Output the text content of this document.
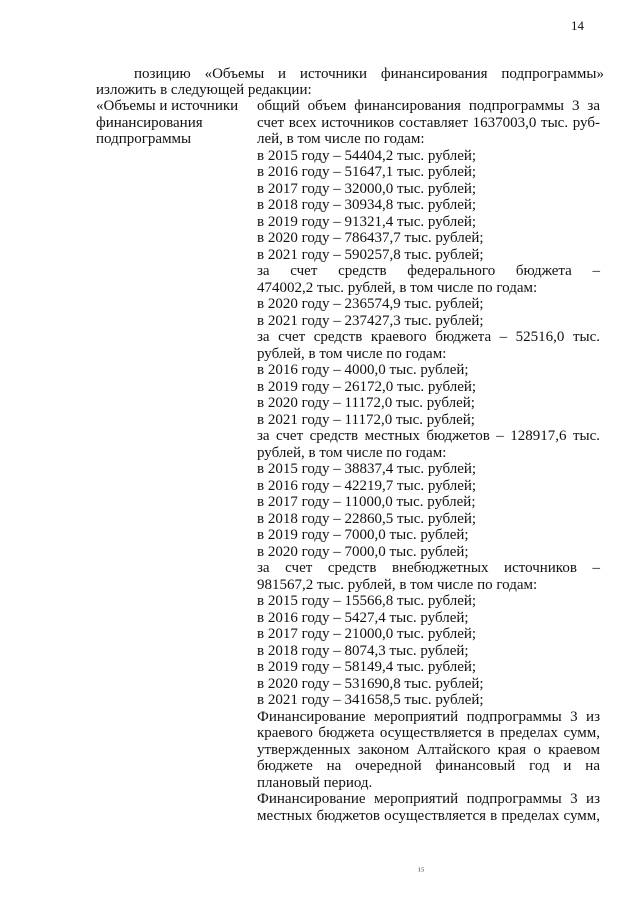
14
позицию «Объемы и источники финансирования подпрограммы»
изложить в следующей редакции:
«Объемы и источники
финансирования
подпрограммы
общий объем финансирования подпрограммы 3 за
счет всех источников составляет 1637003,0 тыс. руб-
лей, в том числе по годам:
в 2015 году – 54404,2 тыс. рублей;
в 2016 году – 51647,1 тыс. рублей;
в 2017 году – 32000,0 тыс. рублей;
в 2018 году – 30934,8 тыс. рублей;
в 2019 году – 91321,4 тыс. рублей;
в 2020 году – 786437,7 тыс. рублей;
в 2021 году – 590257,8 тыс. рублей;
за счет средств федерального бюджета –
474002,2 тыс. рублей, в том числе по годам:
в 2020 году – 236574,9 тыс. рублей;
в 2021 году – 237427,3 тыс. рублей;
за счет средств краевого бюджета – 52516,0 тыс.
рублей, в том числе по годам:
в 2016 году – 4000,0 тыс. рублей;
в 2019 году – 26172,0 тыс. рублей;
в 2020 году – 11172,0 тыс. рублей;
в 2021 году – 11172,0 тыс. рублей;
за счет средств местных бюджетов – 128917,6 тыс.
рублей, в том числе по годам:
в 2015 году – 38837,4 тыс. рублей;
в 2016 году – 42219,7 тыс. рублей;
в 2017 году – 11000,0 тыс. рублей;
в 2018 году – 22860,5 тыс. рублей;
в 2019 году – 7000,0 тыс. рублей;
в 2020 году – 7000,0 тыс. рублей;
за счет средств внебюджетных источников –
981567,2 тыс. рублей, в том числе по годам:
в 2015 году – 15566,8 тыс. рублей;
в 2016 году – 5427,4 тыс. рублей;
в 2017 году – 21000,0 тыс. рублей;
в 2018 году – 8074,3 тыс. рублей;
в 2019 году – 58149,4 тыс. рублей;
в 2020 году – 531690,8 тыс. рублей;
в 2021 году – 341658,5 тыс. рублей;
Финансирование мероприятий подпрограммы 3 из
краевого бюджета осуществляется в пределах сумм,
утвержденных законом Алтайского края о краевом
бюджете на очередной финансовый год и на
плановый период.
Финансирование мероприятий подпрограммы 3 из
местных бюджетов осуществляется в пределах сумм,
¹⁵
